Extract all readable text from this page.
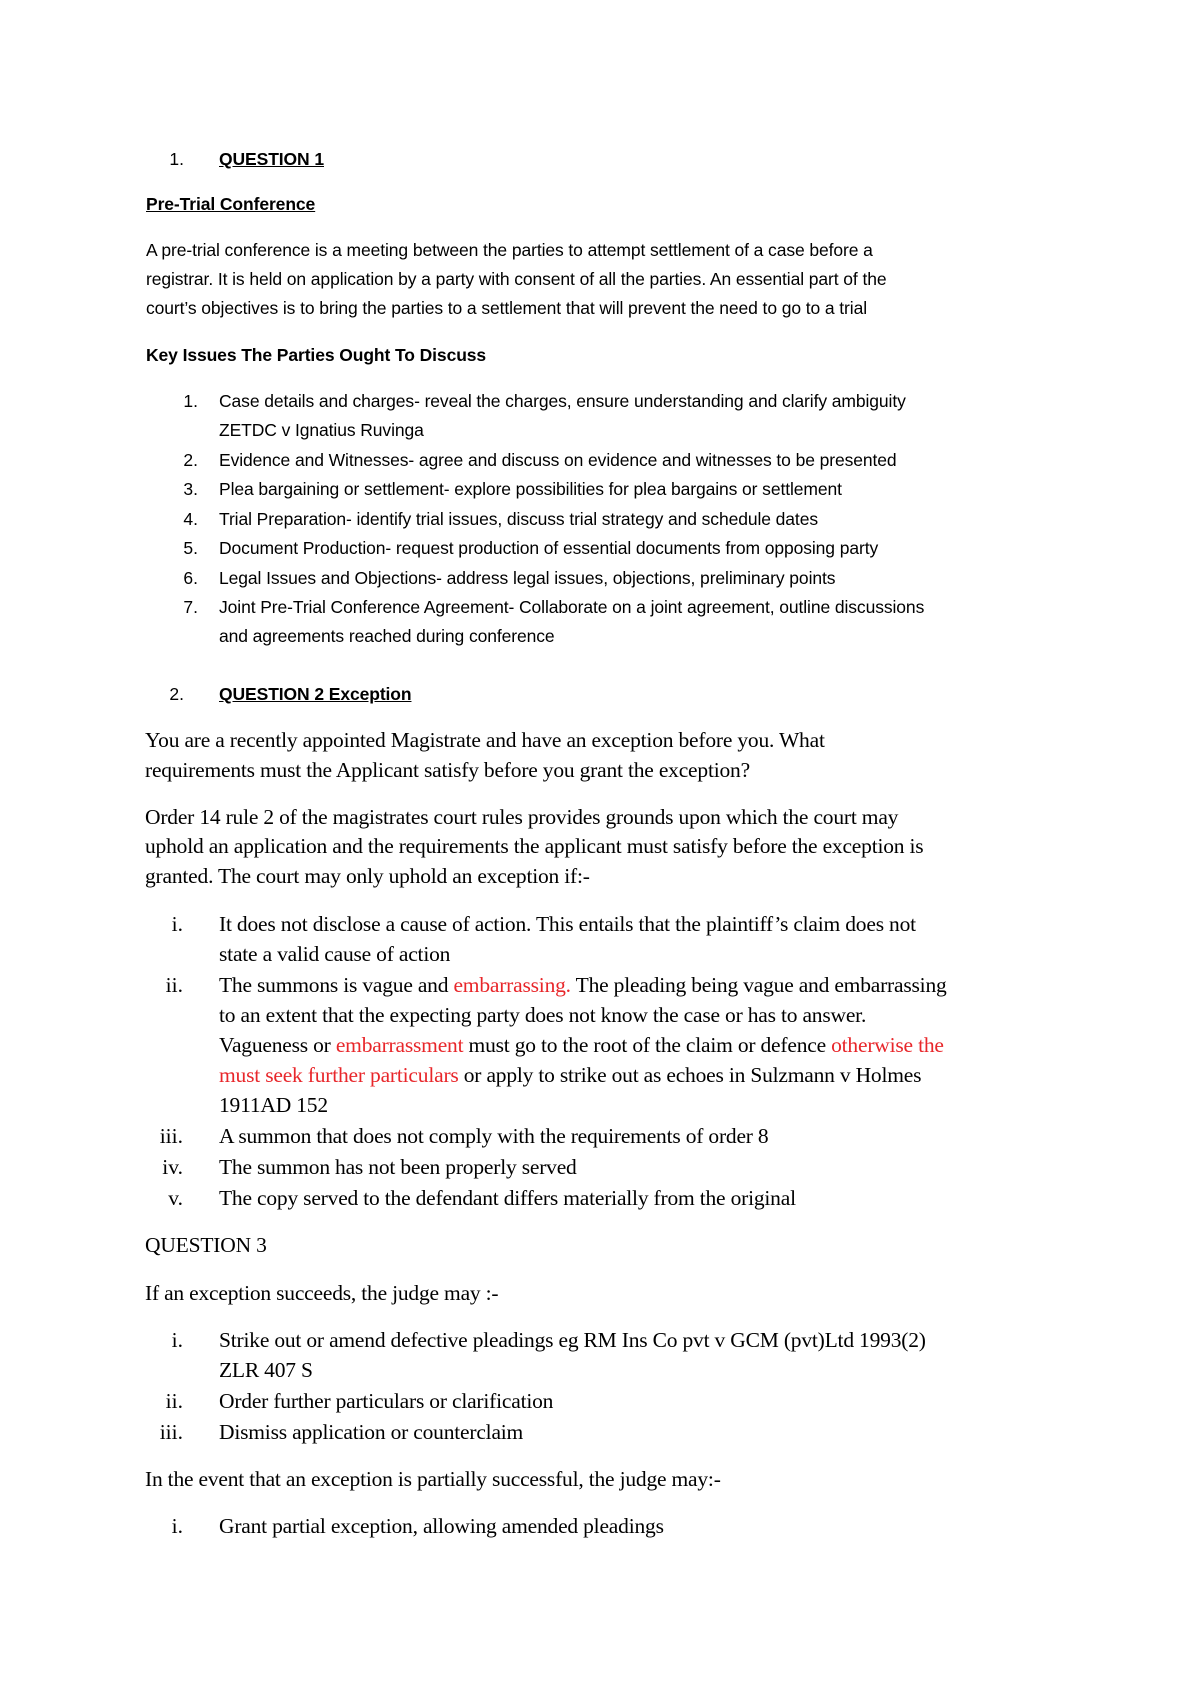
1. QUESTION 1
Pre-Trial Conference
A pre-trial conference is a meeting between the parties to attempt settlement of a case before a
registrar. It is held on application by a party with consent of all the parties. An essential part of the
court’s objectives is to bring the parties to a settlement that will prevent the need to go to a trial
Key Issues The Parties Ought To Discuss
1. Case details and charges- reveal the charges, ensure understanding and clarify ambiguity
ZETDC v Ignatius Ruvinga
2. Evidence and Witnesses- agree and discuss on evidence and witnesses to be presented
3. Plea bargaining or settlement- explore possibilities for plea bargains or settlement
4. Trial Preparation- identify trial issues, discuss trial strategy and schedule dates
5. Document Production- request production of essential documents from opposing party
6. Legal Issues and Objections- address legal issues, objections, preliminary points
7. Joint Pre-Trial Conference Agreement- Collaborate on a joint agreement, outline discussions
and agreements reached during conference
2. QUESTION 2 Exception
You are a recently appointed Magistrate and have an exception before you. What
requirements must the Applicant satisfy before you grant the exception?
Order 14 rule 2 of the magistrates court rules provides grounds upon which the court may
uphold an application and the requirements the applicant must satisfy before the exception is
granted. The court may only uphold an exception if:-
i. It does not disclose a cause of action. This entails that the plaintiff’s claim does not
state a valid cause of action
ii. The summons is vague and embarrassing. The pleading being vague and embarrassing
to an extent that the expecting party does not know the case or has to answer.
Vagueness or embarrassment must go to the root of the claim or defence otherwise the
must seek further particulars or apply to strike out as echoes in Sulzmann v Holmes
1911AD 152
iii. A summon that does not comply with the requirements of order 8
iv. The summon has not been properly served
v. The copy served to the defendant differs materially from the original
QUESTION 3
If an exception succeeds, the judge may :-
i. Strike out or amend defective pleadings eg RM Ins Co pvt v GCM (pvt)Ltd 1993(2)
ZLR 407 S
ii. Order further particulars or clarification
iii. Dismiss application or counterclaim
In the event that an exception is partially successful, the judge may:-
i. Grant partial exception, allowing amended pleadings
